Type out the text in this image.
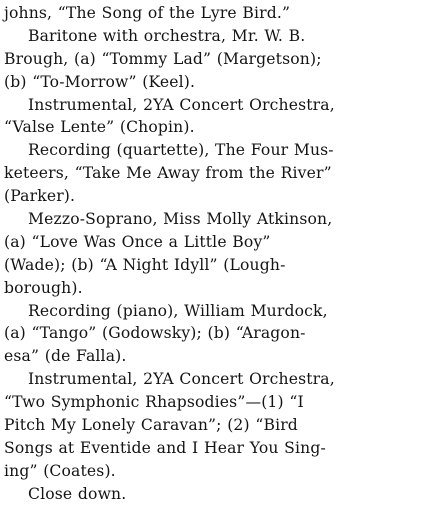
johns, “The Song of the Lyre Bird.”
Baritone with orchestra, Mr. W. B.
Brough, (a) “Tommy Lad” (Margetson);
(b) “To-Morrow” (Keel).
Instrumental, 2YA Concert Orchestra,
“Valse Lente” (Chopin).
Recording (quartette), The Four Mus-
keteers, “Take Me Away from the River”
(Parker).
Mezzo-Soprano, Miss Molly Atkinson,
(a) “Love Was Once a Little Boy”
(Wade); (b) “A Night Idyll” (Lough-
borough).
Recording (piano), William Murdock,
(a) “Tango” (Godowsky); (b) “Aragon-
esa” (de Falla).
Instrumental, 2YA Concert Orchestra,
“Two Symphonic Rhapsodies”—(1) “I
Pitch My Lonely Caravan”; (2) “Bird
Songs at Eventide and I Hear You Sing-
ing” (Coates).
Close down.
